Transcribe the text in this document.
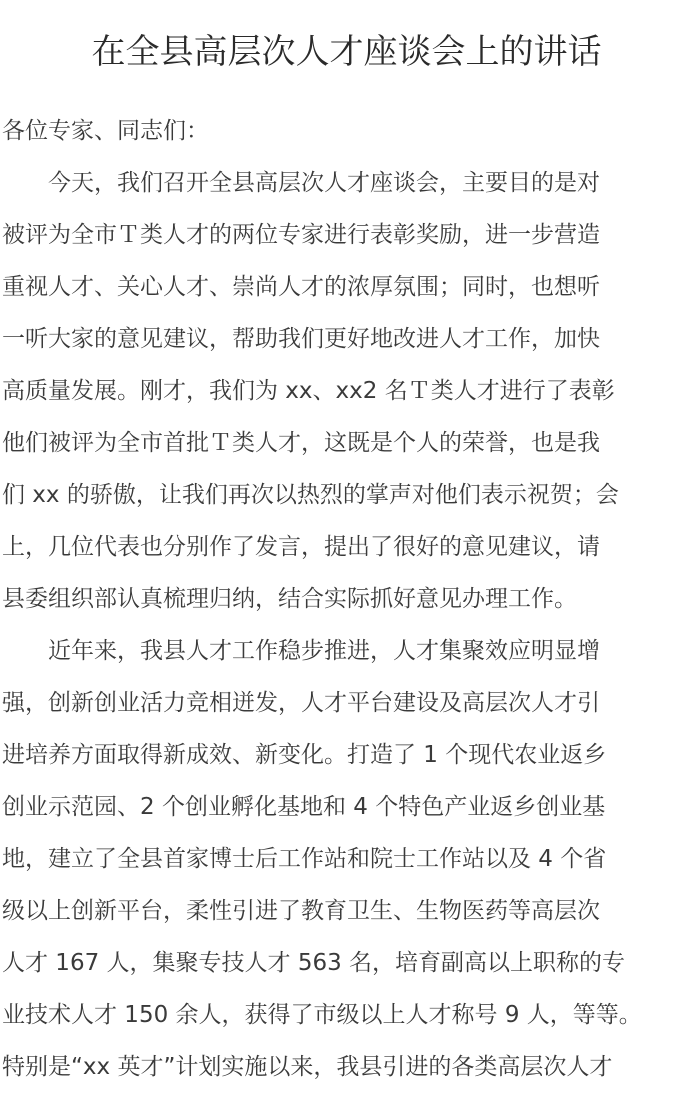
在全县高层次人才座谈会上的讲话
各位专家、同志们：
　　今天，我们召开全县高层次人才座谈会，主要目的是对
被评为全市Ｔ类人才的两位专家进行表彰奖励，进一步营造
重视人才、关心人才、崇尚人才的浓厚氛围；同时，也想听
一听大家的意见建议，帮助我们更好地改进人才工作，加快
高质量发展。刚才，我们为 xx、xx2 名Ｔ类人才进行了表彰
他们被评为全市首批Ｔ类人才，这既是个人的荣誉，也是我
们 xx 的骄傲，让我们再次以热烈的掌声对他们表示祝贺；会
上，几位代表也分别作了发言，提出了很好的意见建议，请
县委组织部认真梳理归纳，结合实际抓好意见办理工作。
　　近年来，我县人才工作稳步推进，人才集聚效应明显增
强，创新创业活力竞相迸发，人才平台建设及高层次人才引
进培养方面取得新成效、新变化。打造了 1 个现代农业返乡
创业示范园、2 个创业孵化基地和 4 个特色产业返乡创业基
地，建立了全县首家博士后工作站和院士工作站以及 4 个省
级以上创新平台，柔性引进了教育卫生、生物医药等高层次
人才 167 人，集聚专技人才 563 名，培育副高以上职称的专
业技术人才 150 余人，获得了市级以上人才称号 9 人，等等。
特别是“xx 英才”计划实施以来，我县引进的各类高层次人才
